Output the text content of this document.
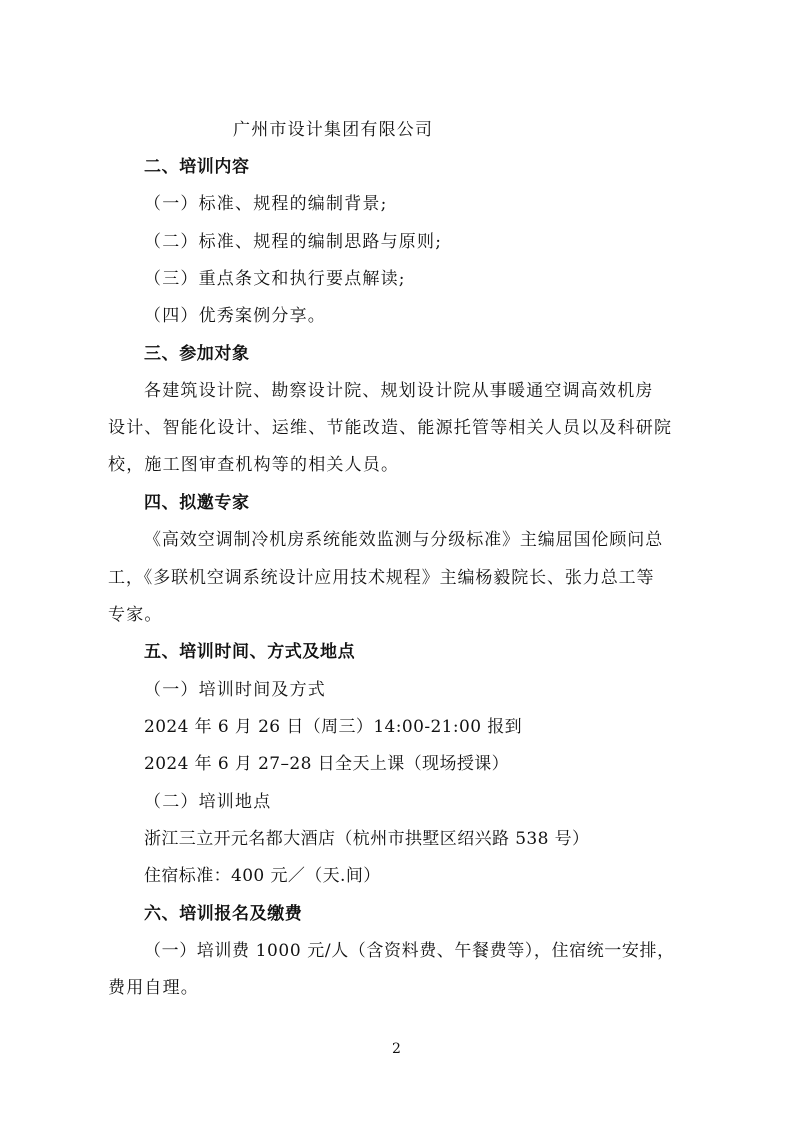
广州市设计集团有限公司
二、培训内容
（一）标准、规程的编制背景;
（二）标准、规程的编制思路与原则;
（三）重点条文和执行要点解读;
（四）优秀案例分享。
三、参加对象
各建筑设计院、勘察设计院、规划设计院从事暖通空调高效机房
设计、智能化设计、运维、节能改造、能源托管等相关人员以及科研院
校，施工图审查机构等的相关人员。
四、拟邀专家
《高效空调制冷机房系统能效监测与分级标准》主编屈国伦顾问总
工，《多联机空调系统设计应用技术规程》主编杨毅院长、张力总工等
专家。
五、培训时间、方式及地点
（一）培训时间及方式
2024 年 6 月 26 日（周三）14:00-21:00 报到
2024 年 6 月 27–28 日全天上课（现场授课）
（二）培训地点
浙江三立开元名都大酒店（杭州市拱墅区绍兴路 538 号）
住宿标准：400 元／（天.间）
六、培训报名及缴费
（一）培训费 1000 元/人（含资料费、午餐费等），住宿统一安排，
费用自理。
2
